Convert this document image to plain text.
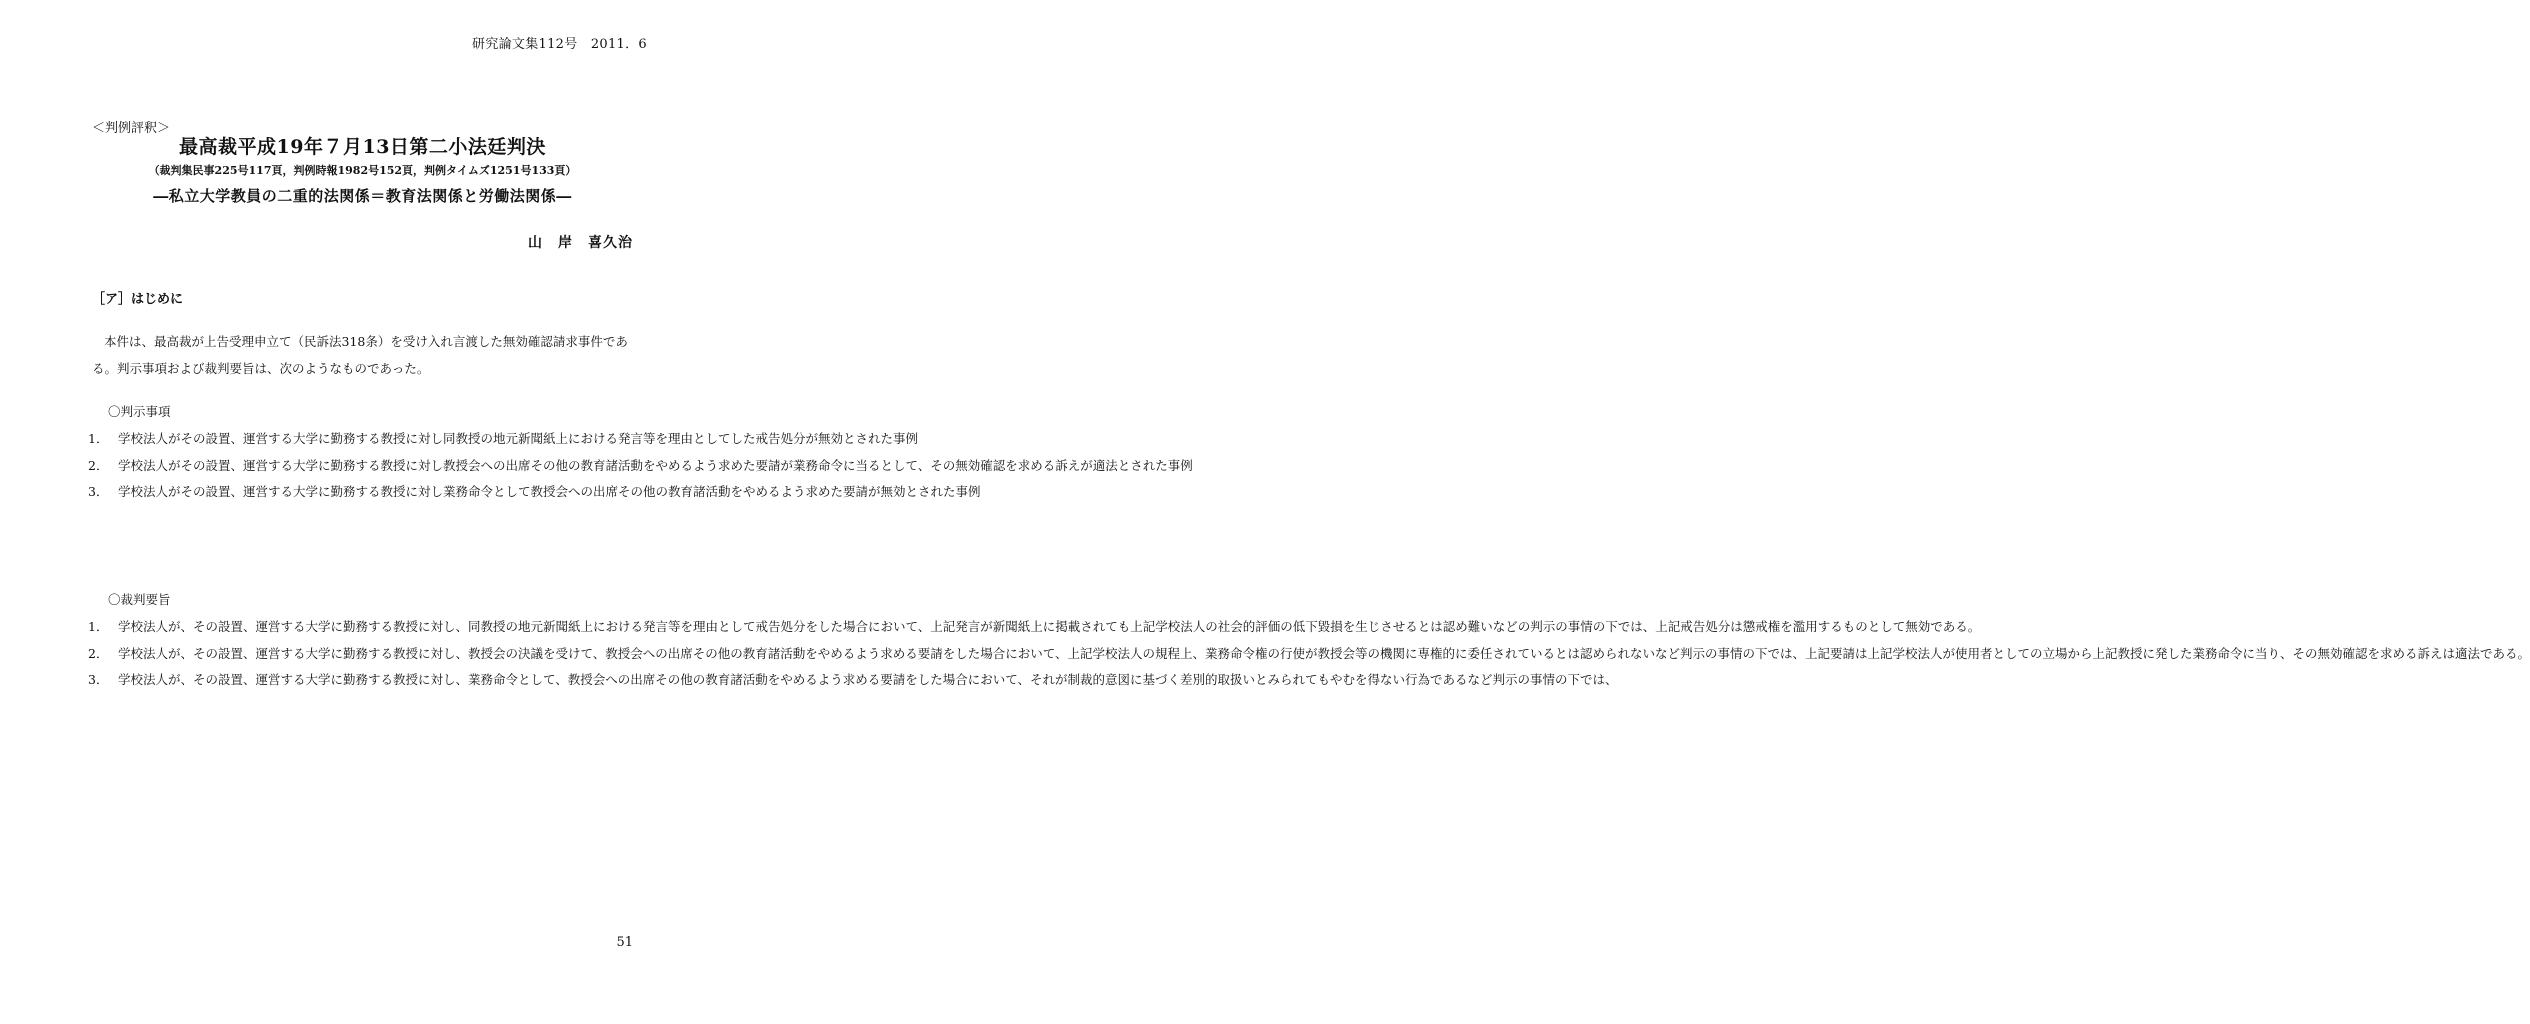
研究論文集112号　2011．6
＜判例評釈＞
最高裁平成19年７月13日第二小法廷判決
（裁判集民事225号117頁，判例時報1982号152頁，判例タイムズ1251号133頁）
―私立大学教員の二重的法関係＝教育法関係と労働法関係―
山　岸　喜久治
［ア］はじめに
本件は、最高裁が上告受理申立て（民訴法318条）を受け入れ言渡した無効確認請求事件である。判示事項および裁判要旨は、次のようなものであった。
〇判示事項
1． 学校法人がその設置、運営する大学に勤務する教授に対し同教授の地元新聞紙上における発言等を理由としてした戒告処分が無効とされた事例
2． 学校法人がその設置、運営する大学に勤務する教授に対し教授会への出席その他の教育諸活動をやめるよう求めた要請が業務命令に当るとして、その無効確認を求める訴えが適法とされた事例
3． 学校法人がその設置、運営する大学に勤務する教授に対し業務命令として教授会への出席その他の教育諸活動をやめるよう求めた要請が無効とされた事例
〇裁判要旨
1． 学校法人が、その設置、運営する大学に勤務する教授に対し、同教授の地元新聞紙上における発言等を理由として戒告処分をした場合において、上記発言が新聞紙上に掲載されても上記学校法人の社会的評価の低下毀損を生じさせるとは認め難いなどの判示の事情の下では、上記戒告処分は懲戒権を濫用するものとして無効である。
2． 学校法人が、その設置、運営する大学に勤務する教授に対し、教授会の決議を受けて、教授会への出席その他の教育諸活動をやめるよう求める要請をした場合において、上記学校法人の規程上、業務命令権の行使が教授会等の機関に専権的に委任されているとは認められないなど判示の事情の下では、上記要請は上記学校法人が使用者としての立場から上記教授に発した業務命令に当り、その無効確認を求める訴えは適法である。
3． 学校法人が、その設置、運営する大学に勤務する教授に対し、業務命令として、教授会への出席その他の教育諸活動をやめるよう求める要請をした場合において、それが制裁的意図に基づく差別的取扱いとみられてもやむを得ない行為であるなど判示の事情の下では、
51
